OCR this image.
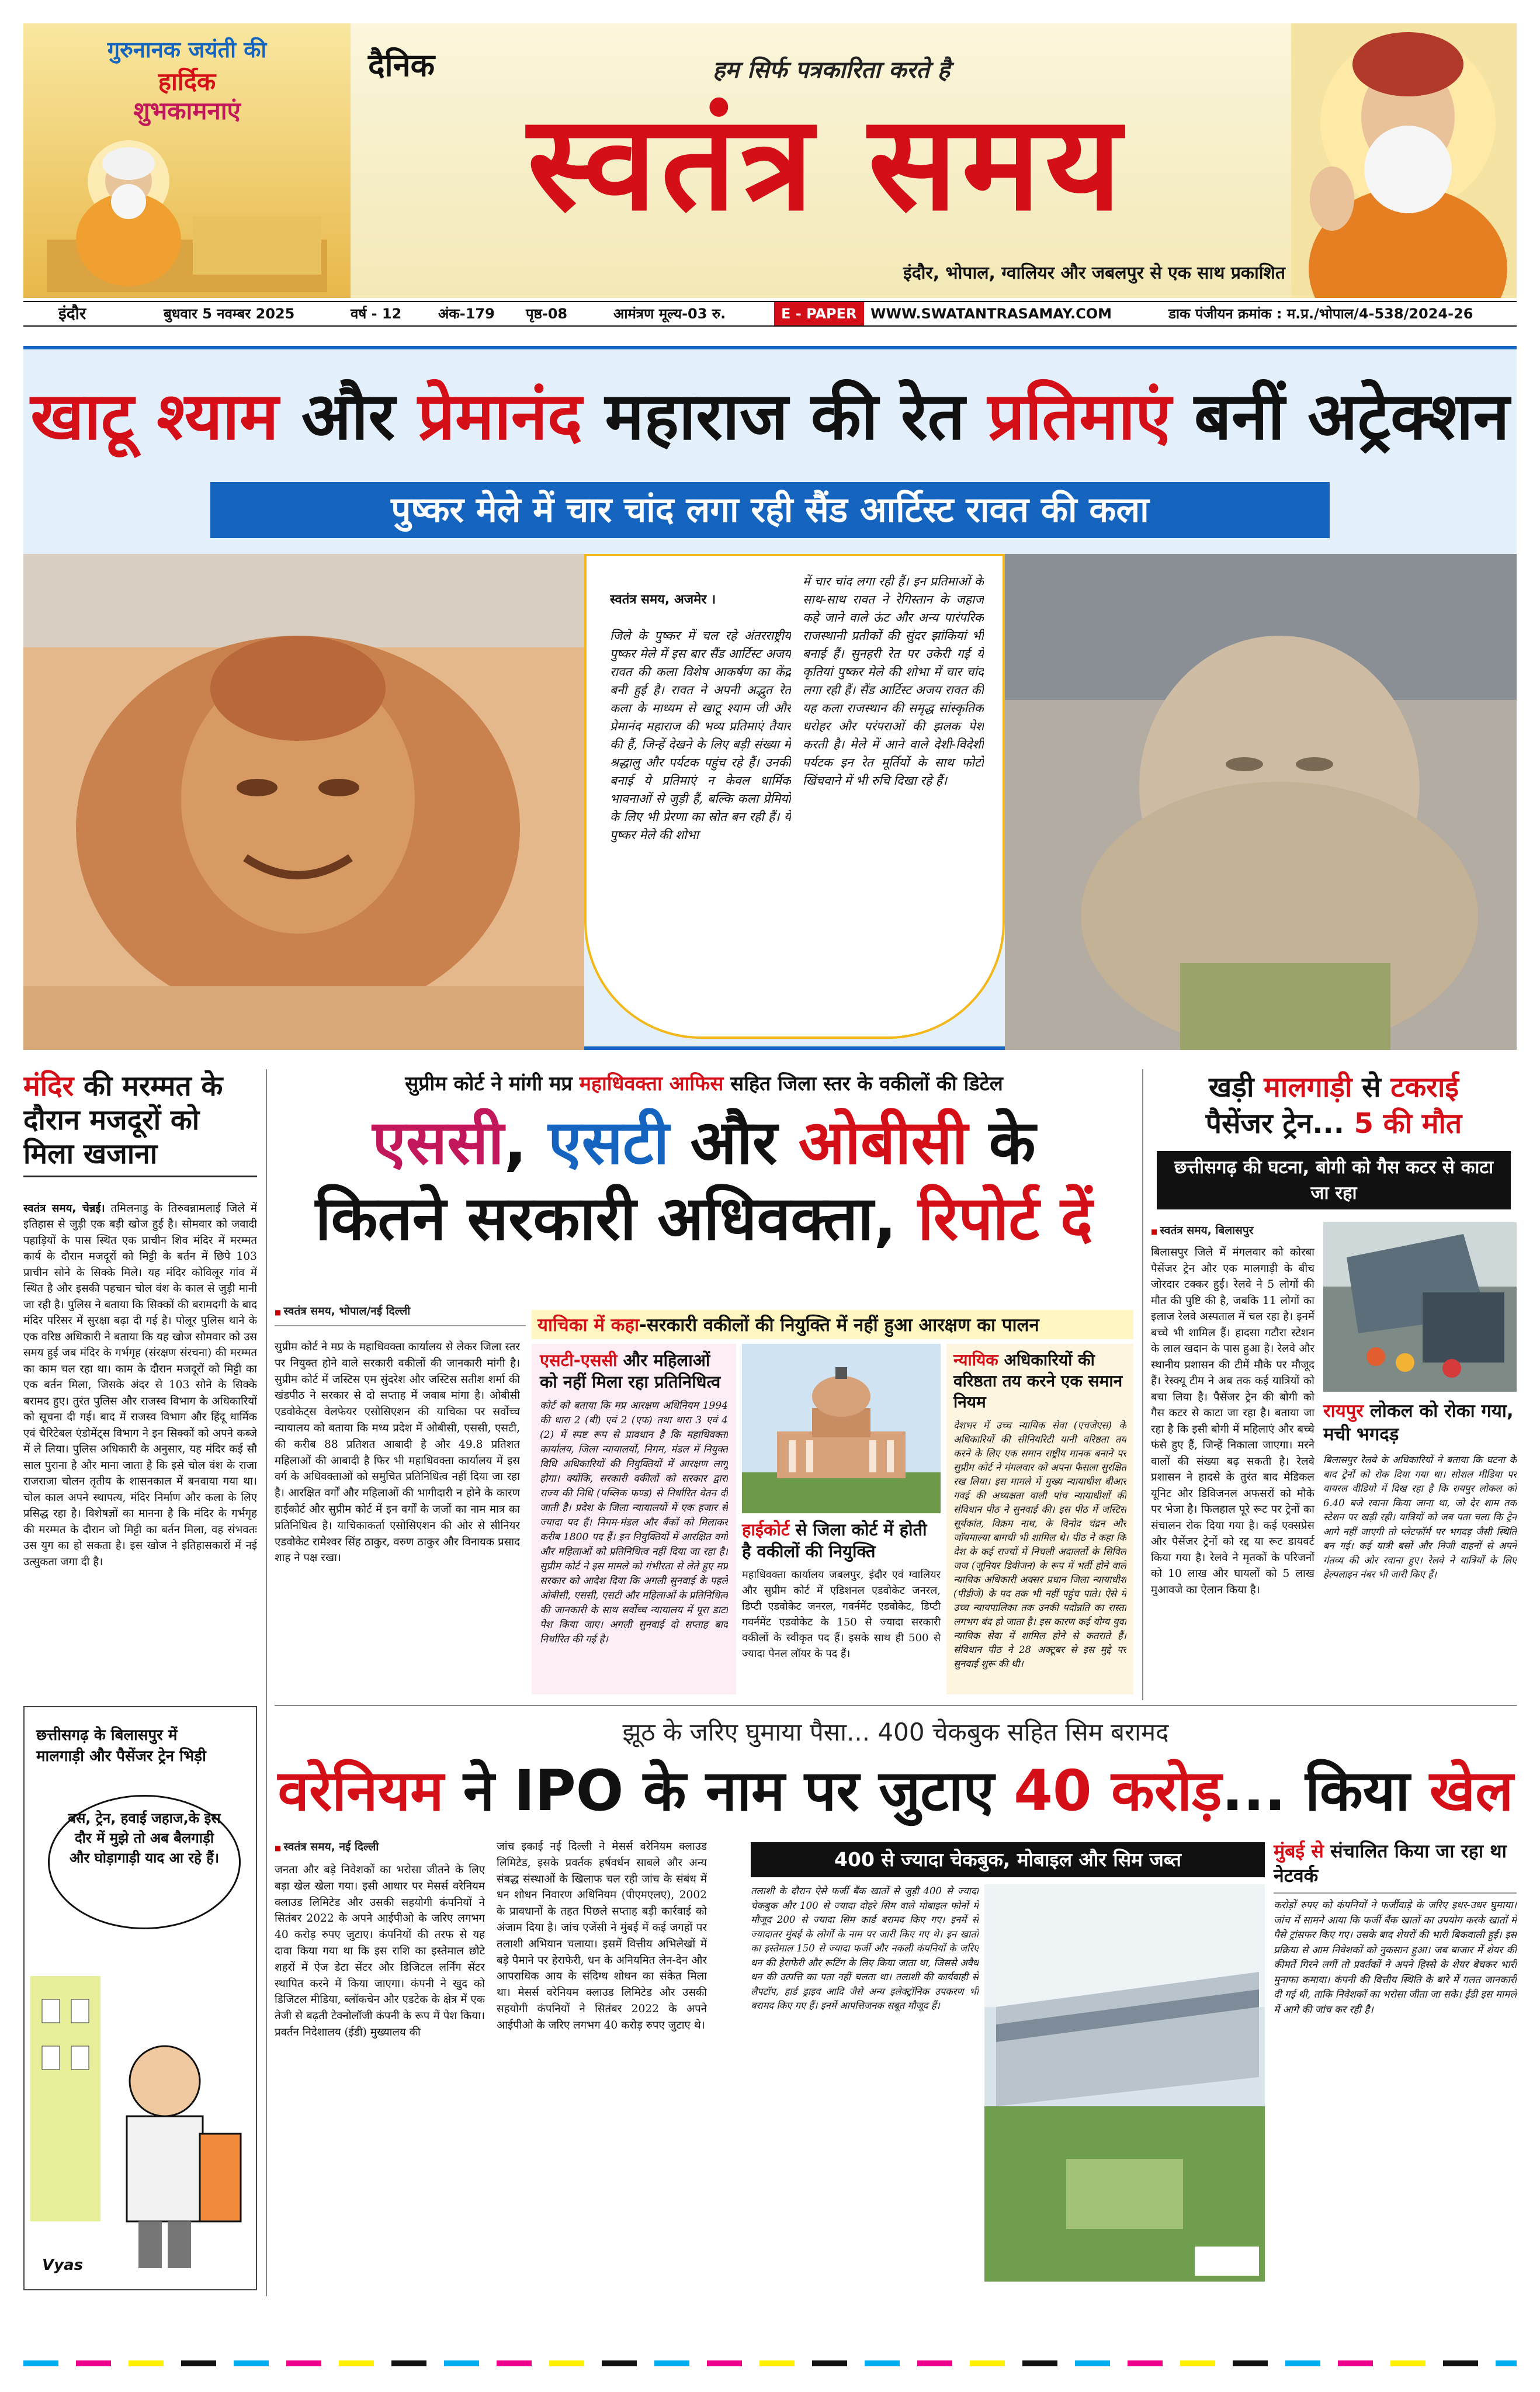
गुरुनानक जयंती की
हार्दिक
शुभकामनाएं
दैनिक	हम सिर्फ पत्रकारिता करते है
स्वतंत्र समय
इंदौर, भोपाल, ग्वालियर और जबलपुर से एक साथ प्रकाशित
इंदौर	बुधवार 5 नवम्बर 2025	वर्ष - 12	अंक-179 पृष्ठ-08	आमंत्रण मूल्य-03 रु.	E - PAPER WWW.SWATANTRASAMAY.COM	डाक पंजीयन क्रमांक : म.प्र./भोपाल/4-538/2024-26
खाटू श्याम और प्रेमानंद महाराज की रेत प्रतिमाएं बनीं अट्रेक्शन
पुष्कर मेले में चार चांद लगा रही सैंड आर्टिस्ट रावत की कला

स्वतंत्र समय, अजमेर ।

जिले के पुष्कर में चल रहे अंतरराष्ट्रीय पुष्कर मेले में इस बार सैंड आर्टिस्ट अजय रावत की कला विशेष आकर्षण का केंद्र बनी हुई है। रावत ने अपनी अद्भुत रेत कला के माध्यम से खाटू श्याम जी और प्रेमानंद महाराज की भव्य प्रतिमाएं तैयार की हैं, जिन्हें देखने के लिए बड़ी संख्या में श्रद्धालु और पर्यटक पहुंच रहे हैं। उनकी बनाई ये प्रतिमाएं न केवल धार्मिक भावनाओं से जुड़ी हैं, बल्कि कला प्रेमियों के लिए भी प्रेरणा का स्रोत बन रही हैं। ये पुष्कर मेले की शोभा

में चार चांद लगा रही हैं। इन प्रतिमाओं के साथ-साथ रावत ने रेगिस्तान के जहाज कहे जाने वाले ऊंट और अन्य पारंपरिक राजस्थानी प्रतीकों की सुंदर झांकियां भी बनाई हैं। सुनहरी रेत पर उकेरी गई ये कृतियां पुष्कर मेले की शोभा में चार चांद लगा रही हैं। सैंड आर्टिस्ट अजय रावत की यह कला राजस्थान की समृद्ध सांस्कृतिक धरोहर और परंपराओं की झलक पेश करती है। मेले में आने वाले देशी-विदेशी पर्यटक इन रेत मूर्तियों के साथ फोटो खिंचवाने में भी रुचि दिखा रहे हैं।
मंदिर की मरम्मत के दौरान मजदूरों को मिला खजाना

स्वतंत्र समय, चेन्नई। तमिलनाडु के तिरुवन्नामलाई जिले में इतिहास से जुड़ी एक बड़ी खोज हुई है। सोमवार को जवादी पहाड़ियों के पास स्थित एक प्राचीन शिव मंदिर में मरम्मत कार्य के दौरान मजदूरों को मिट्टी के बर्तन में छिपे 103 प्राचीन सोने के सिक्के मिले। यह मंदिर कोविलूर गांव में स्थित है और इसकी पहचान चोल वंश के काल से जुड़ी मानी जा रही है। पुलिस ने बताया कि सिक्कों की बरामदगी के बाद मंदिर परिसर में सुरक्षा बढ़ा दी गई है। पोलूर पुलिस थाने के एक वरिष्ठ अधिकारी ने बताया कि यह खोज सोमवार को उस समय हुई जब मंदिर के गर्भगृह (संरक्षण संरचना) की मरम्मत का काम चल रहा था। काम के दौरान मजदूरों को मिट्टी का एक बर्तन मिला, जिसके अंदर से 103 सोने के सिक्के बरामद हुए। तुरंत पुलिस और राजस्व विभाग के अधिकारियों को सूचना दी गई। बाद में राजस्व विभाग और हिंदू धार्मिक एवं चैरिटेबल एंडोमेंट्स विभाग ने इन सिक्कों को अपने कब्जे में ले लिया। पुलिस अधिकारी के अनुसार, यह मंदिर कई सौ साल पुराना है और माना जाता है कि इसे चोल वंश के राजा राजराजा चोलन तृतीय के शासनकाल में बनवाया गया था। चोल काल अपने स्थापत्य, मंदिर निर्माण और कला के लिए प्रसिद्ध रहा है। विशेषज्ञों का मानना है कि मंदिर के गर्भगृह की मरम्मत के दौरान जो मिट्टी का बर्तन मिला, वह संभवतः उस युग का हो सकता है। इस खोज ने इतिहासकारों में नई उत्सुकता जगा दी है।

छत्तीसगढ़ के बिलासपुर में
मालगाड़ी और पैसेंजर ट्रेन भिड़ी
बस, ट्रेन, हवाई जहाज,के इस दौर में मुझे तो अब बैलगाड़ी और घोड़ागाड़ी याद आ रहे हैं।
Vyas
सुप्रीम कोर्ट ने मांगी मप्र महाधिवक्ता आफिस सहित जिला स्तर के वकीलों की डिटेल
एससी, एसटी और ओबीसी के
कितने सरकारी अधिवक्ता, रिपोर्ट दें
■ स्वतंत्र समय, भोपाल/नई दिल्ली
सुप्रीम कोर्ट ने मप्र के महाधिवक्ता कार्यालय से लेकर जिला स्तर पर नियुक्त होने वाले सरकारी वकीलों की जानकारी मांगी है। सुप्रीम कोर्ट में जस्टिस एम सुंदरेश और जस्टिस सतीश शर्मा की खंडपीठ ने सरकार से दो सप्ताह में जवाब मांगा है। ओबीसी एडवोकेट्स वेलफेयर एसोसिएशन की याचिका पर सर्वोच्च न्यायालय को बताया कि मध्य प्रदेश में ओबीसी, एससी, एसटी, की करीब 88 प्रतिशत आबादी है और 49.8 प्रतिशत महिलाओं की आबादी है फिर भी महाधिवक्ता कार्यालय में इस वर्ग के अधिवक्ताओं को समुचित प्रतिनिधित्व नहीं दिया जा रहा है। आरक्षित वर्गों और महिलाओं की भागीदारी न होने के कारण हाईकोर्ट और सुप्रीम कोर्ट में इन वर्गों के जजों का नाम मात्र का प्रतिनिधित्व है। याचिकाकर्ता एसोसिएशन की ओर से सीनियर एडवोकेट रामेश्वर सिंह ठाकुर, वरुण ठाकुर और विनायक प्रसाद शाह ने पक्ष रखा।
याचिका में कहा-सरकारी वकीलों की नियुक्ति में नहीं हुआ आरक्षण का पालन
एसटी-एससी और महिलाओं को नहीं मिला रहा प्रतिनिधित्व
कोर्ट को बताया कि मप्र आरक्षण अधिनियम 1994 की धारा 2 (बी) एवं 2 (एफ) तथा धारा 3 एवं 4 (2) में स्पष्ट रूप से प्रावधान है कि महाधिवक्ता कार्यालय, जिला न्यायालयों, निगम, मंडल में नियुक्त विधि अधिकारियों की नियुक्तियों में आरक्षण लागू होगा। क्योंकि, सरकारी वकीलों को सरकार द्वारा राज्य की निधि (पब्लिक फण्ड) से निर्धारित वेतन दी जाती है। प्रदेश के जिला न्यायालयों में एक हजार से ज्यादा पद हैं। निगम-मंडल और बैंकों को मिलाकर करीब 1800 पद हैं। इन नियुक्तियों में आरक्षित वर्गों और महिलाओं को प्रतिनिधित्व नहीं दिया जा रहा है। सुप्रीम कोर्ट ने इस मामले को गंभीरता से लेते हुए मप्र सरकार को आदेश दिया कि अगली सुनवाई के पहले ओबीसी, एससी, एसटी और महिलाओं के प्रतिनिधित्व की जानकारी के साथ सर्वोच्च न्यायालय में पूरा डाटा पेश किया जाए। अगली सुनवाई दो सप्ताह बाद निर्धारित की गई है।
हाईकोर्ट से जिला कोर्ट में होती है वकीलों की नियुक्ति
महाधिवक्ता कार्यालय जबलपुर, इंदौर एवं ग्वालियर और सुप्रीम कोर्ट में एडिशनल एडवोकेट जनरल, डिप्टी एडवोकेट जनरल, गवर्नमेंट एडवोकेट, डिप्टी गवर्नमेंट एडवोकेट के 150 से ज्यादा सरकारी वकीलों के स्वीकृत पद हैं। इसके साथ ही 500 से ज्यादा पेनल लॉयर के पद हैं।
न्यायिक अधिकारियों की वरिष्ठता तय करने एक समान नियम
देशभर में उच्च न्यायिक सेवा (एचजेएस) के अधिकारियों की सीनियरिटी यानी वरिष्ठता तय करने के लिए एक समान राष्ट्रीय मानक बनाने पर सुप्रीम कोर्ट ने मंगलवार को अपना फैसला सुरक्षित रख लिया। इस मामले में मुख्य न्यायाधीश बीआर गवई की अध्यक्षता वाली पांच न्यायाधीशों की संविधान पीठ ने सुनवाई की। इस पीठ में जस्टिस सूर्यकांत, विक्रम नाथ, के विनोद चंद्रन और जॉयमाल्या बागची भी शामिल थे। पीठ ने कहा कि देश के कई राज्यों में निचली अदालतों के सिविल जज (जूनियर डिवीजन) के रूप में भर्ती होने वाले न्यायिक अधिकारी अक्सर प्रधान जिला न्यायाधीश (पीडीजे) के पद तक भी नहीं पहुंच पाते। ऐसे में उच्च न्यायपालिका तक उनकी पदोन्नति का रास्ता लगभग बंद हो जाता है। इस कारण कई योग्य युवा न्यायिक सेवा में शामिल होने से कतराते हैं। संविधान पीठ ने 28 अक्टूबर से इस मुद्दे पर सुनवाई शुरू की थी।
खड़ी मालगाड़ी से टकराई
पैसेंजर ट्रेन... 5 की मौत
छत्तीसगढ़ की घटना, बोगी को गैस कटर से काटा जा रहा
■ स्वतंत्र समय, बिलासपुर
बिलासपुर जिले में मंगलवार को कोरबा पैसेंजर ट्रेन और एक मालगाड़ी के बीच जोरदार टक्कर हुई। रेलवे ने 5 लोगों की मौत की पुष्टि की है, जबकि 11 लोगों का इलाज रेलवे अस्पताल में चल रहा है। इनमें बच्चे भी शामिल हैं। हादसा गटौरा स्टेशन के लाल खदान के पास हुआ है। रेलवे और स्थानीय प्रशासन की टीमें मौके पर मौजूद हैं। रेस्क्यू टीम ने अब तक कई यात्रियों को बचा लिया है। पैसेंजर ट्रेन की बोगी को गैस कटर से काटा जा रहा है। बताया जा रहा है कि इसी बोगी में महिलाएं और बच्चे फंसे हुए हैं, जिन्हें निकाला जाएगा। मरने वालों की संख्या बढ़ सकती है। रेलवे प्रशासन ने हादसे के तुरंत बाद मेडिकल यूनिट और डिविजनल अफसरों को मौके पर भेजा है। फिलहाल पूरे रूट पर ट्रेनों का संचालन रोक दिया गया है। कई एक्सप्रेस और पैसेंजर ट्रेनों को रद्द या रूट डायवर्ट किया गया है। रेलवे ने मृतकों के परिजनों को 10 लाख और घायलों को 5 लाख मुआवजे का ऐलान किया है।
रायपुर लोकल को रोका गया, मची भगदड़
बिलासपुर रेलवे के अधिकारियों ने बताया कि घटना के बाद ट्रेनों को रोक दिया गया था। सोशल मीडिया पर वायरल वीडियो में दिख रहा है कि रायपुर लोकल को 6.40 बजे रवाना किया जाना था, जो देर शाम तक स्टेशन पर खड़ी रही। यात्रियों को जब पता चला कि ट्रेन आगे नहीं जाएगी तो प्लेटफॉर्म पर भगदड़ जैसी स्थिति बन गई। कई यात्री बसों और निजी वाहनों से अपने गंतव्य की ओर रवाना हुए। रेलवे ने यात्रियों के लिए हेल्पलाइन नंबर भी जारी किए हैं।
झूठ के जरिए घुमाया पैसा... 400 चेकबुक सहित सिम बरामद
वरेनियम ने IPO के नाम पर जुटाए 40 करोड़... किया खेल
■ स्वतंत्र समय, नई दिल्ली
जनता और बड़े निवेशकों का भरोसा जीतने के लिए बड़ा खेल खेला गया। इसी आधार पर मेसर्स वरेनियम क्लाउड लिमिटेड और उसकी सहयोगी कंपनियों ने सितंबर 2022 के अपने आईपीओ के जरिए लगभग 40 करोड़ रुपए जुटाए। कंपनियों की तरफ से यह दावा किया गया था कि इस राशि का इस्तेमाल छोटे शहरों में ऐज डेटा सेंटर और डिजिटल लर्निंग सेंटर स्थापित करने में किया जाएगा। कंपनी ने खुद को डिजिटल मीडिया, ब्लॉकचेन और एडटेक के क्षेत्र में एक तेजी से बढ़ती टेक्नोलॉजी कंपनी के रूप में पेश किया। प्रवर्तन निदेशालय (ईडी) मुख्यालय की
जांच इकाई नई दिल्ली ने मेसर्स वरेनियम क्लाउड लिमिटेड, इसके प्रवर्तक हर्षवर्धन साबले और अन्य संबद्ध संस्थाओं के खिलाफ चल रही जांच के संबंध में धन शोधन निवारण अधिनियम (पीएमएलए), 2002 के प्रावधानों के तहत पिछले सप्ताह बड़ी कार्रवाई को अंजाम दिया है। जांच एजेंसी ने मुंबई में कई जगहों पर तलाशी अभियान चलाया। इसमें वित्तीय अभिलेखों में बड़े पैमाने पर हेराफेरी, धन के अनियमित लेन-देन और आपराधिक आय के संदिग्ध शोधन का संकेत मिला था। मेसर्स वरेनियम क्लाउड लिमिटेड और उसकी सहयोगी कंपनियों ने सितंबर 2022 के अपने आईपीओ के जरिए लगभग 40 करोड़ रुपए जुटाए थे।
400 से ज्यादा चेकबुक, मोबाइल और सिम जब्त
तलाशी के दौरान ऐसे फर्जी बैंक खातों से जुड़ी 400 से ज्यादा चेकबुक और 100 से ज्यादा दोहरे सिम वाले मोबाइल फोनों में मौजूद 200 से ज्यादा सिम कार्ड बरामद किए गए। इनमें से ज्यादातर मुंबई के लोगों के नाम पर जारी किए गए थे। इन खातों का इस्तेमाल 150 से ज्यादा फर्जी और नकली कंपनियों के जरिए धन की हेराफेरी और रूटिंग के लिए किया जाता था, जिससे अवैध धन की उत्पत्ति का पता नहीं चलता था। तलाशी की कार्यवाही से लैपटॉप, हार्ड ड्राइव आदि जैसे अन्य इलेक्ट्रॉनिक उपकरण भी बरामद किए गए हैं। इनमें आपत्तिजनक सबूत मौजूद हैं।
मुंबई से संचालित किया जा रहा था नेटवर्क
करोड़ों रुपए को कंपनियों ने फर्जीवाड़े के जरिए इधर-उधर घुमाया। जांच में सामने आया कि फर्जी बैंक खातों का उपयोग करके खातों में पैसे ट्रांसफर किए गए। उसके बाद शेयरों की भारी बिकवाली हुई। इस प्रक्रिया से आम निवेशकों को नुकसान हुआ। जब बाजार में शेयर की कीमतें गिरने लगीं तो प्रवर्तकों ने अपने हिस्से के शेयर बेचकर भारी मुनाफा कमाया। कंपनी की वित्तीय स्थिति के बारे में गलत जानकारी दी गई थी, ताकि निवेशकों का भरोसा जीता जा सके। ईडी इस मामले में आगे की जांच कर रही है।
